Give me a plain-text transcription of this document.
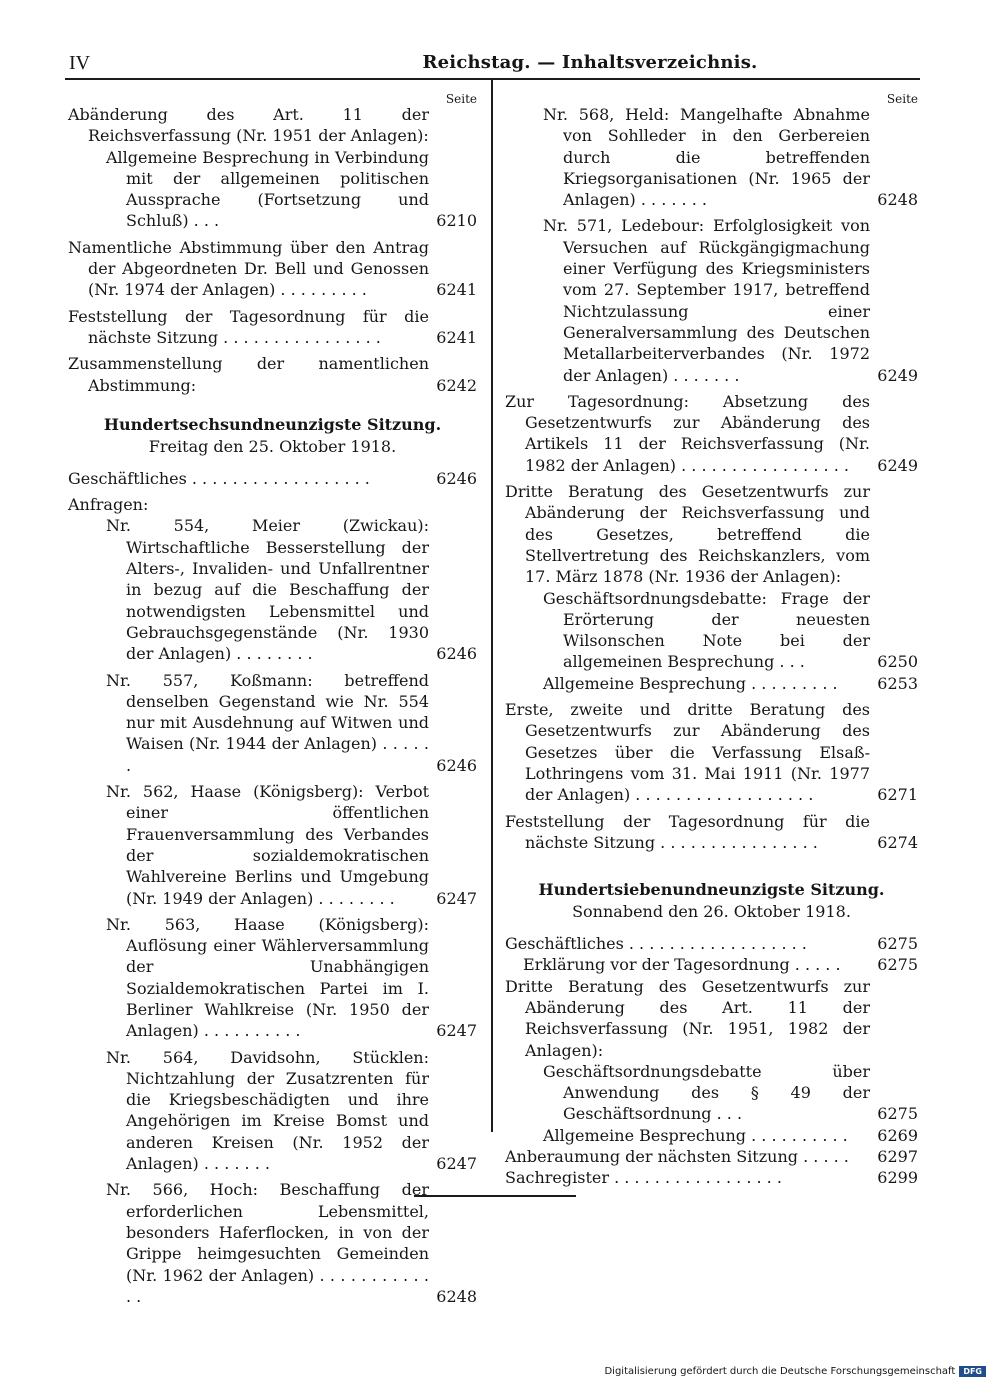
IV	Reichstag. — Inhaltsverzeichnis.
Seite
Abänderung des Art. 11 der Reichsverfassung (Nr. 1951 der Anlagen):
Allgemeine Besprechung in Verbindung mit der allgemeinen politischen Aussprache (Fortsetzung und Schluß) . . .	6210
Namentliche Abstimmung über den Antrag der Abgeordneten Dr. Bell und Genossen (Nr. 1974 der Anlagen) . . . . . . . . .	6241
Feststellung der Tagesordnung für die nächste Sitzung . . . . . . . . . . . . . . . .	6241
Zusammenstellung der namentlichen Abstimmung:	6242
Hundertsechsundneunzigste Sitzung.
Freitag den 25. Oktober 1918.
Geschäftliches . . . . . . . . . . . . . . . . . .	6246
Anfragen:
Nr. 554, Meier (Zwickau): Wirtschaftliche Besserstellung der Alters-, Invaliden- und Unfallrentner in bezug auf die Beschaffung der notwendigsten Lebensmittel und Gebrauchsgegenstände (Nr. 1930 der Anlagen) . . . . . . . .	6246
Nr. 557, Koßmann: betreffend denselben Gegenstand wie Nr. 554 nur mit Ausdehnung auf Witwen und Waisen (Nr. 1944 der Anlagen) . . . . . .	6246
Nr. 562, Haase (Königsberg): Verbot einer öffentlichen Frauenversammlung des Verbandes der sozialdemokratischen Wahlvereine Berlins und Umgebung (Nr. 1949 der Anlagen) . . . . . . . .	6247
Nr. 563, Haase (Königsberg): Auflösung einer Wählerversammlung der Unabhängigen Sozialdemokratischen Partei im I. Berliner Wahlkreise (Nr. 1950 der Anlagen) . . . . . . . . . .	6247
Nr. 564, Davidsohn, Stücklen: Nichtzahlung der Zusatzrenten für die Kriegsbeschädigten und ihre Angehörigen im Kreise Bomst und anderen Kreisen (Nr. 1952 der Anlagen) . . . . . . .	6247
Nr. 566, Hoch: Beschaffung der erforderlichen Lebensmittel, besonders Haferflocken, in von der Grippe heimgesuchten Gemeinden (Nr. 1962 der Anlagen) . . . . . . . . . . . . .	6248
Seite
Nr. 568, Held: Mangelhafte Abnahme von Sohlleder in den Gerbereien durch die betreffenden Kriegsorganisationen (Nr. 1965 der Anlagen) . . . . . . .	6248
Nr. 571, Ledebour: Erfolglosigkeit von Versuchen auf Rückgängigmachung einer Verfügung des Kriegsministers vom 27. September 1917, betreffend Nichtzulassung einer Generalversammlung des Deutschen Metallarbeiterverbandes (Nr. 1972 der Anlagen) . . . . . . .	6249
Zur Tagesordnung: Absetzung des Gesetzentwurfs zur Abänderung des Artikels 11 der Reichsverfassung (Nr. 1982 der Anlagen) . . . . . . . . . . . . . . . . .	6249
Dritte Beratung des Gesetzentwurfs zur Abänderung der Reichsverfassung und des Gesetzes, betreffend die Stellvertretung des Reichskanzlers, vom 17. März 1878 (Nr. 1936 der Anlagen):
Geschäftsordnungsdebatte: Frage der Erörterung der neuesten Wilsonschen Note bei der allgemeinen Besprechung . . .	6250
Allgemeine Besprechung . . . . . . . . .	6253
Erste, zweite und dritte Beratung des Gesetzentwurfs zur Abänderung des Gesetzes über die Verfassung Elsaß-Lothringens vom 31. Mai 1911 (Nr. 1977 der Anlagen) . . . . . . . . . . . . . . . . . .	6271
Feststellung der Tagesordnung für die nächste Sitzung . . . . . . . . . . . . . . . .	6274
Hundertsiebenundneunzigste Sitzung.
Sonnabend den 26. Oktober 1918.
Geschäftliches . . . . . . . . . . . . . . . . . .	6275
Erklärung vor der Tagesordnung . . . . .	6275
Dritte Beratung des Gesetzentwurfs zur Abänderung des Art. 11 der Reichsverfassung (Nr. 1951, 1982 der Anlagen):
Geschäftsordnungsdebatte über Anwendung des § 49 der Geschäftsordnung . . .	6275
Allgemeine Besprechung . . . . . . . . . .	6269
Anberaumung der nächsten Sitzung . . . . .	6297
Sachregister . . . . . . . . . . . . . . . . .	6299
Digitalisierung gefördert durch die Deutsche Forschungsgemeinschaft	DFG
